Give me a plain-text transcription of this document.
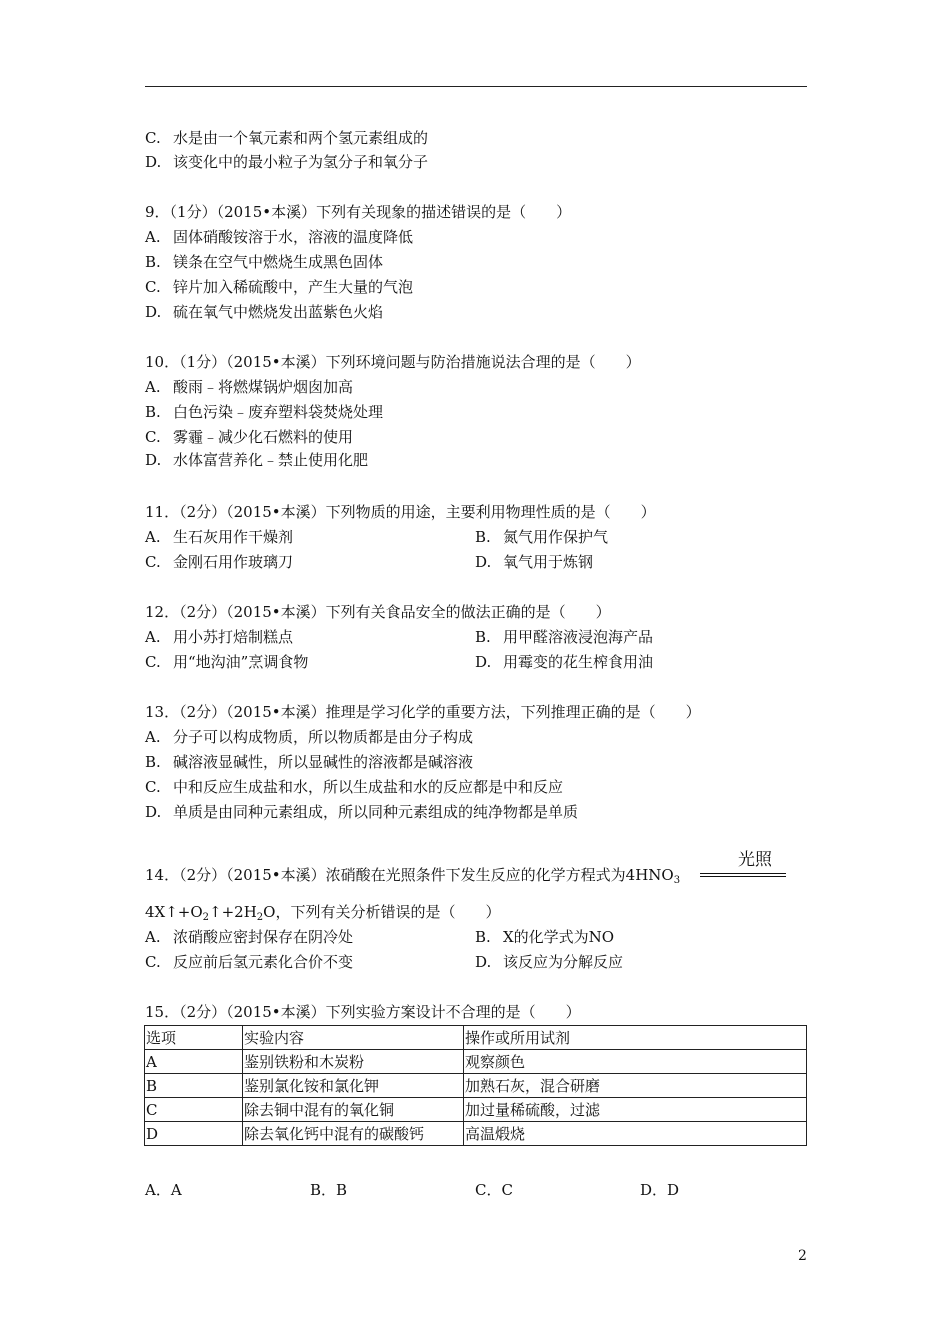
C. 水是由一个氧元素和两个氢元素组成的
D. 该变化中的最小粒子为氢分子和氧分子
9．（1分）（2015•本溪）下列有关现象的描述错误的是（　　）
A. 固体硝酸铵溶于水，溶液的温度降低
B. 镁条在空气中燃烧生成黑色固体
C. 锌片加入稀硫酸中，产生大量的气泡
D. 硫在氧气中燃烧发出蓝紫色火焰
10．（1分）（2015•本溪）下列环境问题与防治措施说法合理的是（　　）
A. 酸雨﹣将燃煤锅炉烟囱加高
B. 白色污染﹣废弃塑料袋焚烧处理
C. 雾霾﹣减少化石燃料的使用
D. 水体富营养化﹣禁止使用化肥
11．（2分）（2015•本溪）下列物质的用途，主要利用物理性质的是（　　）
A. 生石灰用作干燥剂	B. 氮气用作保护气
C. 金刚石用作玻璃刀	D. 氧气用于炼钢
12．（2分）（2015•本溪）下列有关食品安全的做法正确的是（　　）
A. 用小苏打焙制糕点	B. 用甲醛溶液浸泡海产品
C. 用“地沟油”烹调食物	D. 用霉变的花生榨食用油
13．（2分）（2015•本溪）推理是学习化学的重要方法，下列推理正确的是（　　）
A. 分子可以构成物质，所以物质都是由分子构成
B. 碱溶液显碱性，所以显碱性的溶液都是碱溶液
C. 中和反应生成盐和水，所以生成盐和水的反应都是中和反应
D. 单质是由同种元素组成，所以同种元素组成的纯净物都是单质
14．（2分）（2015•本溪）浓硝酸在光照条件下发生反应的化学方程式为$4HNO_3$
光照
$4X↑+O_2↑+2H_2O$，下列有关分析错误的是（　　）
A. 浓硝酸应密封保存在阴冷处	B. X的化学式为NO
C. 反应前后氢元素化合价不变	D. 该反应为分解反应
15．（2分）（2015•本溪）下列实验方案设计不合理的是（　　）
选项	实验内容	操作或所用试剂
A	鉴别铁粉和木炭粉	观察颜色
B	鉴别氯化铵和氯化钾	加熟石灰，混合研磨
C	除去铜中混有的氧化铜	加过量稀硫酸，过滤
D	除去氧化钙中混有的碳酸钙	高温煅烧
A．A	B．B	C．C	D．D
2
